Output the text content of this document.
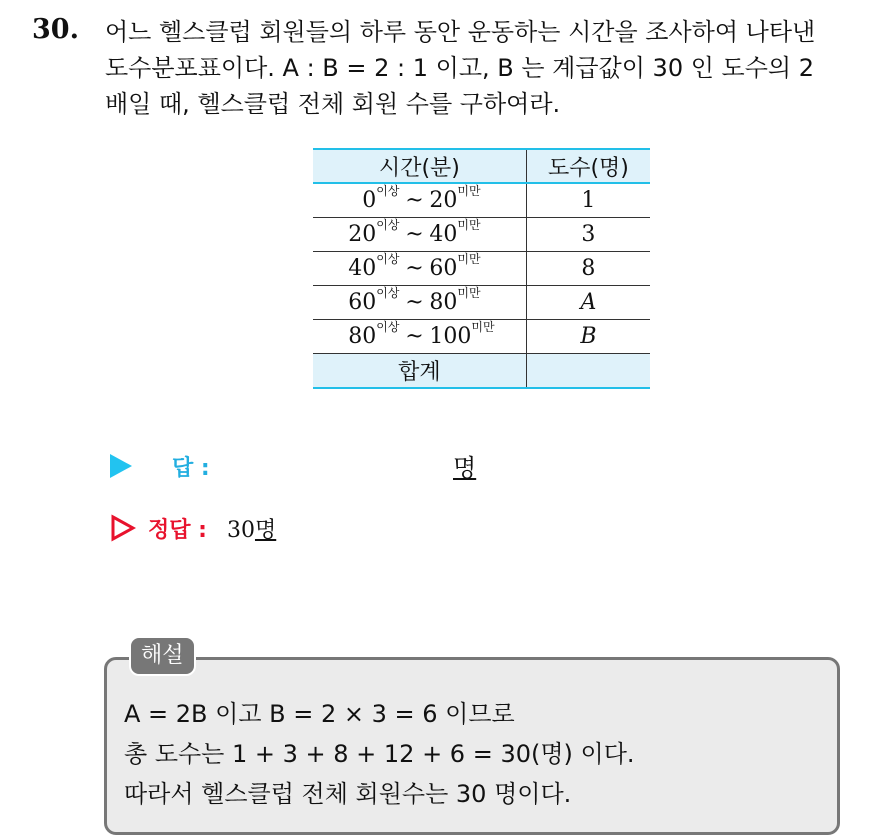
30. 어느 헬스클럽 회원들의 하루 동안 운동하는 시간을 조사하여 나타낸
도수분포표이다. A : B = 2 : 1 이고, B 는 계급값이 30 인 도수의 2
배일 때, 헬스클럽 전체 회원 수를 구하여라.
시간(분)	도수(명)

$0^{이상}$ ~ $20^{미만}$	1

$20^{이상}$ ~ $40^{미만}$	3

$40^{이상}$ ~ $60^{미만}$	8

$60^{이상}$ ~ $80^{미만}$	A

$80^{이상}$ ~ $100^{미만}$	B
합계	
답 :	명
정답 : 30명
해설
A = 2B 이고 B = 2 × 3 = 6 이므로
총 도수는 1 + 3 + 8 + 12 + 6 = 30(명) 이다.
따라서 헬스클럽 전체 회원수는 30 명이다.
